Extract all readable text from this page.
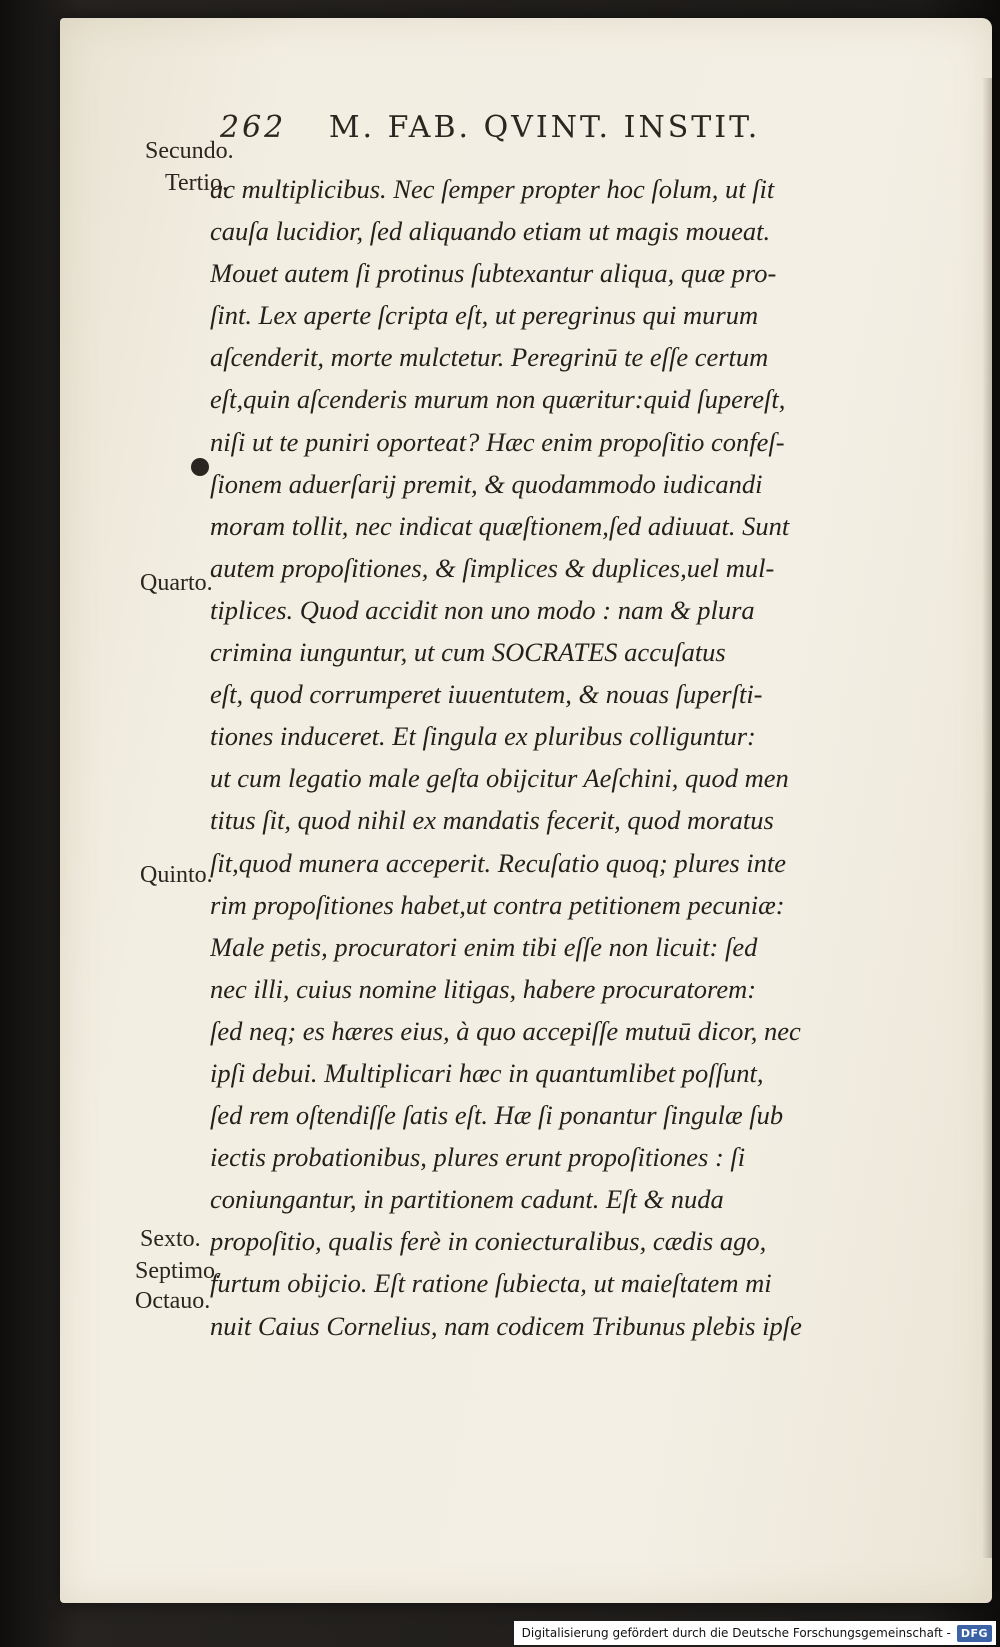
262 M. FAB. QVINT. INSTIT.
Secundo.
Tertio.
Quarto.
Quinto.
Sexto.
Septimo.
Octauo.
ac multiplicibus. Nec ſemper propter hoc ſolum, ut ſit
cauſa lucidior, ſed aliquando etiam ut magis moueat.
Mouet autem ſi protinus ſubtexantur aliqua, quæ pro-
ſint. Lex aperte ſcripta eſt, ut peregrinus qui murum
aſcenderit, morte mulctetur. Peregrinū te eſſe certum
eſt,quin aſcenderis murum non quæritur:quid ſupereſt,
niſi ut te puniri oporteat? Hæc enim propoſitio confeſ-
ſionem aduerſarij premit, & quodammodo iudicandi
moram tollit, nec indicat quæſtionem,ſed adiuuat. Sunt
autem propoſitiones, & ſimplices & duplices,uel mul-
tiplices. Quod accidit non uno modo : nam & plura
crimina iunguntur, ut cum SOCRATES accuſatus
eſt, quod corrumperet iuuentutem, & nouas ſuperſti-
tiones induceret. Et ſingula ex pluribus colliguntur:
ut cum legatio male geſta obijcitur Aeſchini, quod men
titus ſit, quod nihil ex mandatis fecerit, quod moratus
ſit,quod munera acceperit. Recuſatio quoq; plures inte
rim propoſitiones habet,ut contra petitionem pecuniæ:
Male petis, procuratori enim tibi eſſe non licuit: ſed
nec illi, cuius nomine litigas, habere procuratorem:
ſed neq; es hæres eius, à quo accepiſſe mutuū dicor, nec
ipſi debui. Multiplicari hæc in quantumlibet poſſunt,
ſed rem oſtendiſſe ſatis eſt. Hæ ſi ponantur ſingulæ ſub
iectis probationibus, plures erunt propoſitiones : ſi
coniungantur, in partitionem cadunt. Eſt & nuda
propoſitio, qualis ferè in coniecturalibus, cædis ago,
furtum obijcio. Eſt ratione ſubiecta, ut maieſtatem mi
nuit Caius Cornelius, nam codicem Tribunus plebis ipſe
Digitalisierung gefördert durch die Deutsche Forschungsgemeinschaft - DFG
